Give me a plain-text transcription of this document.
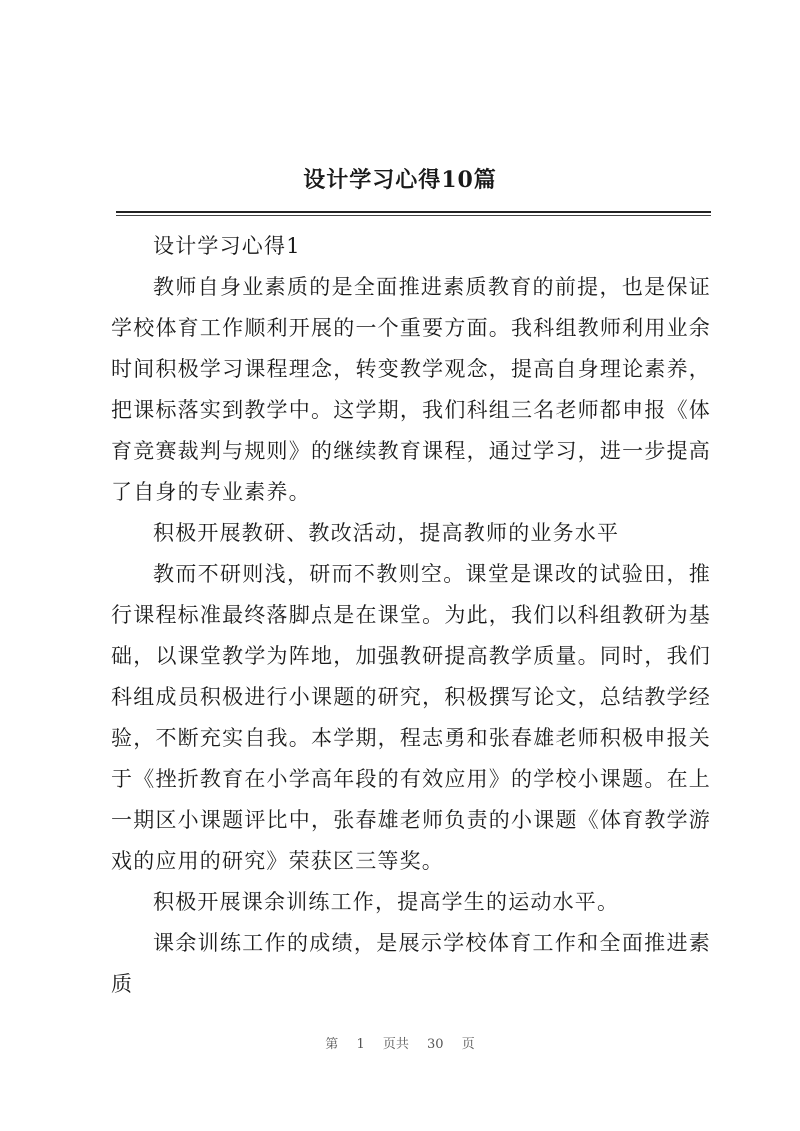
设计学习心得10篇

设计学习心得1

教师自身业素质的是全面推进素质教育的前提，也是保证学校体育工作顺利开展的一个重要方面。我科组教师利用业余时间积极学习课程理念，转变教学观念，提高自身理论素养，把课标落实到教学中。这学期，我们科组三名老师都申报《体育竞赛裁判与规则》的继续教育课程，通过学习，进一步提高了自身的专业素养。

积极开展教研、教改活动，提高教师的业务水平

教而不研则浅，研而不教则空。课堂是课改的试验田，推行课程标准最终落脚点是在课堂。为此，我们以科组教研为基础，以课堂教学为阵地，加强教研提高教学质量。同时，我们科组成员积极进行小课题的研究，积极撰写论文，总结教学经验，不断充实自我。本学期，程志勇和张春雄老师积极申报关于《挫折教育在小学高年段的有效应用》的学校小课题。在上一期区小课题评比中，张春雄老师负责的小课题《体育教学游戏的应用的研究》荣获区三等奖。

积极开展课余训练工作，提高学生的运动水平。

课余训练工作的成绩，是展示学校体育工作和全面推进素质

第 1 页共 30 页
